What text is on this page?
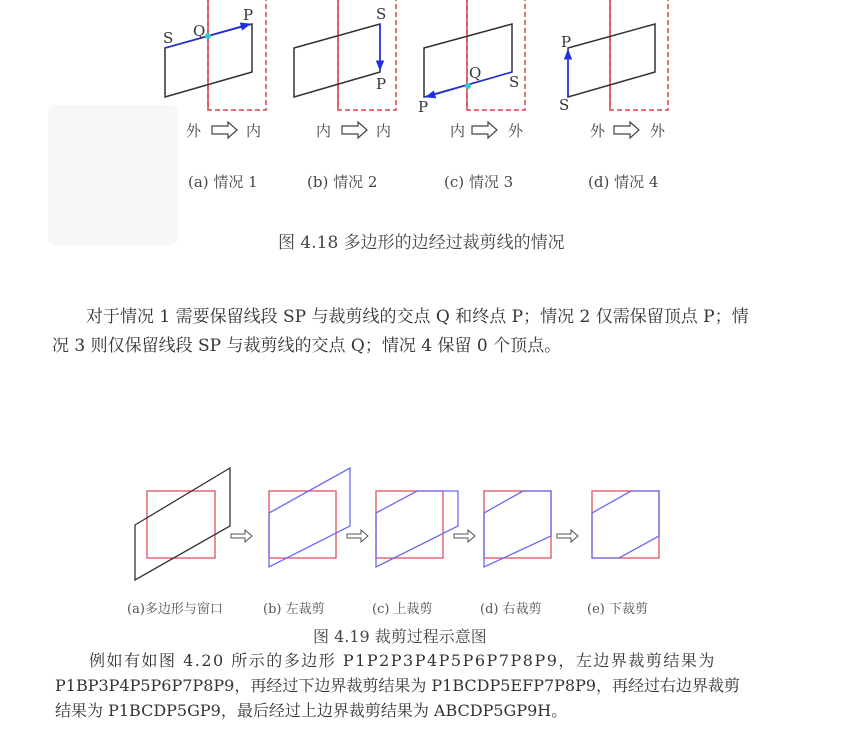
S Q
P	S
P
Q S
P
P
S
外	内	内	内	内	外	外	外
(a) 情况 1	(b) 情况 2	(c) 情况 3	(d) 情况 4
图 4.18 多边形的边经过裁剪线的情况
对于情况 1 需要保留线段 SP 与裁剪线的交点 Q 和终点 P；情况 2 仅需保留顶点 P；情
况 3 则仅保留线段 SP 与裁剪线的交点 Q；情况 4 保留 0 个顶点。
(a)多边形与窗口	(b) 左裁剪	(c) 上裁剪	(d) 右裁剪	(e) 下裁剪
图 4.19 裁剪过程示意图
例如有如图 4.20 所示的多边形 P1P2P3P4P5P6P7P8P9，左边界裁剪结果为
P1BP3P4P5P6P7P8P9，再经过下边界裁剪结果为 P1BCDP5EFP7P8P9，再经过右边界裁剪
结果为 P1BCDP5GP9，最后经过上边界裁剪结果为 ABCDP5GP9H。
